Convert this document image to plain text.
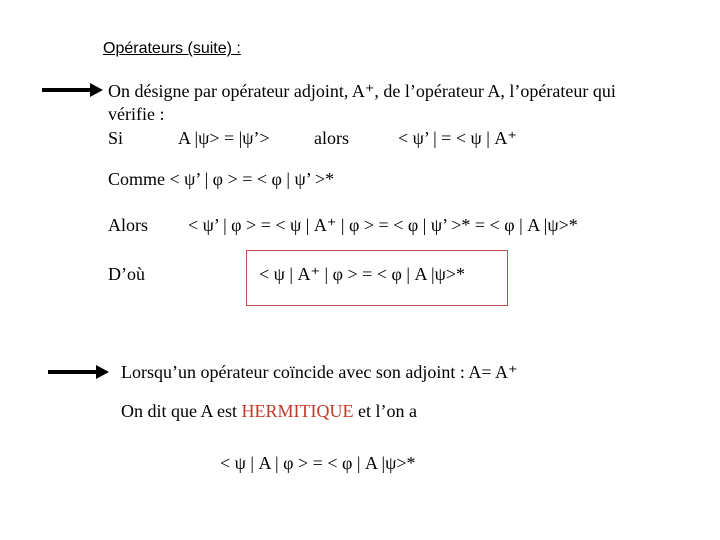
Opérateurs (suite) :
On désigne par opérateur adjoint, A⁺, de l’opérateur A, l’opérateur qui
vérifie :
Si	A |ψ> = |ψ’> alors	< ψ’ | = < ψ | A⁺
Comme < ψ’ | φ > = < φ | ψ’ >*
Alors < ψ’ | φ > = < ψ | A⁺ | φ > = < φ | ψ’ >* = < φ | A |ψ>*
D’où	< ψ | A⁺ | φ > = < φ | A |ψ>*
Lorsqu’un opérateur coïncide avec son adjoint : A= A⁺
On dit que A est HERMITIQUE et l’on a
< ψ | A | φ > = < φ | A |ψ>*
